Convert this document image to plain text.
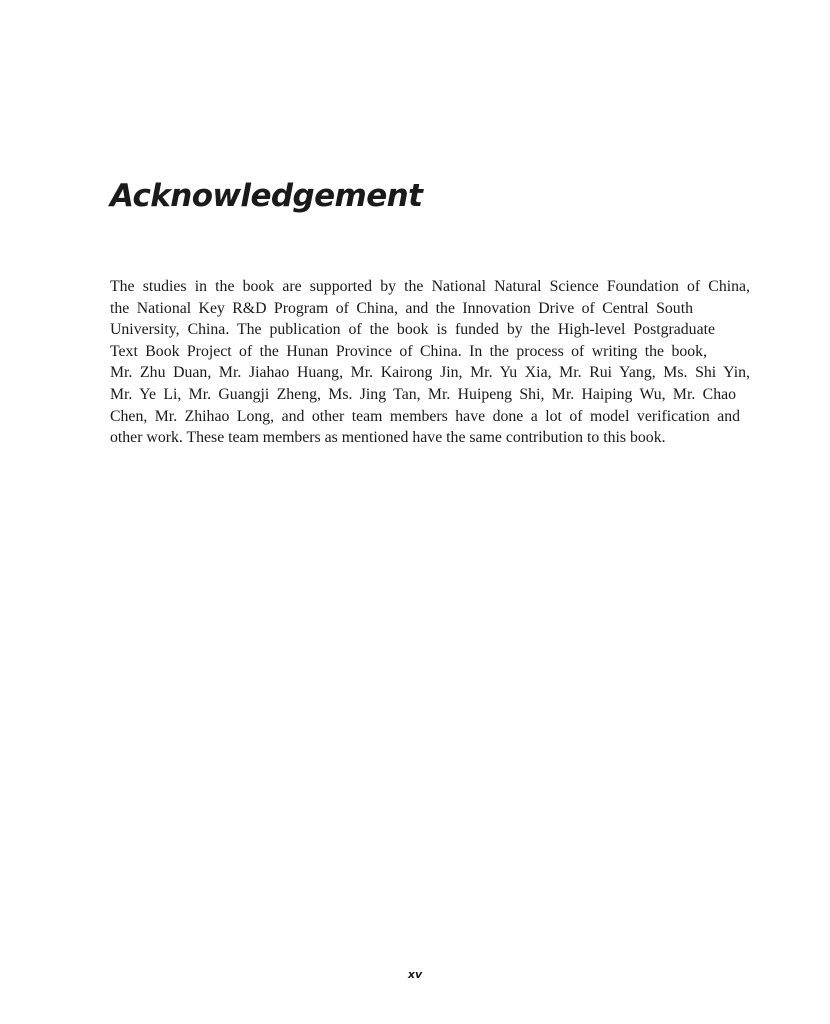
Acknowledgement
The studies in the book are supported by the National Natural Science Foundation of China,
the National Key R&D Program of China, and the Innovation Drive of Central South
University, China. The publication of the book is funded by the High-level Postgraduate
Text Book Project of the Hunan Province of China. In the process of writing the book,
Mr. Zhu Duan, Mr. Jiahao Huang, Mr. Kairong Jin, Mr. Yu Xia, Mr. Rui Yang, Ms. Shi Yin,
Mr. Ye Li, Mr. Guangji Zheng, Ms. Jing Tan, Mr. Huipeng Shi, Mr. Haiping Wu, Mr. Chao
Chen, Mr. Zhihao Long, and other team members have done a lot of model verification and
other work. These team members as mentioned have the same contribution to this book.
xv
